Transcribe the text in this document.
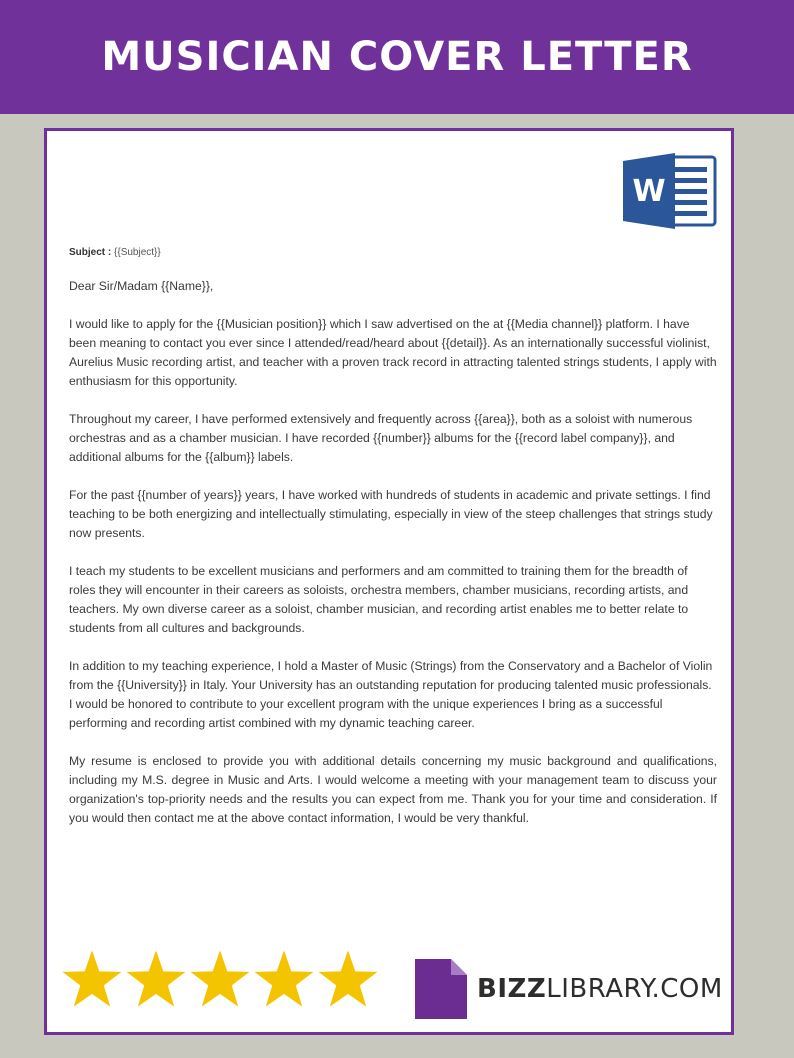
MUSICIAN COVER LETTER
W

Subject : {{Subject}}

Dear Sir/Madam {{Name}},

I would like to apply for the {{Musician position}} which I saw advertised on the at {{Media channel}} platform. I have been meaning to contact you ever since I attended/read/heard about {{detail}}. As an internationally successful violinist, Aurelius Music recording artist, and teacher with a proven track record in attracting talented strings students, I apply with enthusiasm for this opportunity.

Throughout my career, I have performed extensively and frequently across {{area}}, both as a soloist with numerous orchestras and as a chamber musician. I have recorded {{number}} albums for the {{record label company}}, and additional albums for the {{album}} labels.

For the past {{number of years}} years, I have worked with hundreds of students in academic and private settings. I find teaching to be both energizing and intellectually stimulating, especially in view of the steep challenges that strings study now presents.

I teach my students to be excellent musicians and performers and am committed to training them for the breadth of roles they will encounter in their careers as soloists, orchestra members, chamber musicians, recording artists, and teachers. My own diverse career as a soloist, chamber musician, and recording artist enables me to better relate to students from all cultures and backgrounds.

In addition to my teaching experience, I hold a Master of Music (Strings) from the Conservatory and a Bachelor of Violin from the {{University}} in Italy. Your University has an outstanding reputation for producing talented music professionals. I would be honored to contribute to your excellent program with the unique experiences I bring as a successful performing and recording artist combined with my dynamic teaching career.

My resume is enclosed to provide you with additional details concerning my music background and qualifications, including my M.S. degree in Music and Arts. I would welcome a meeting with your management team to discuss your organization's top-priority needs and the results you can expect from me. Thank you for your time and consideration. If you would then contact me at the above contact information, I would be very thankful.

BIZZLIBRARY.COM
